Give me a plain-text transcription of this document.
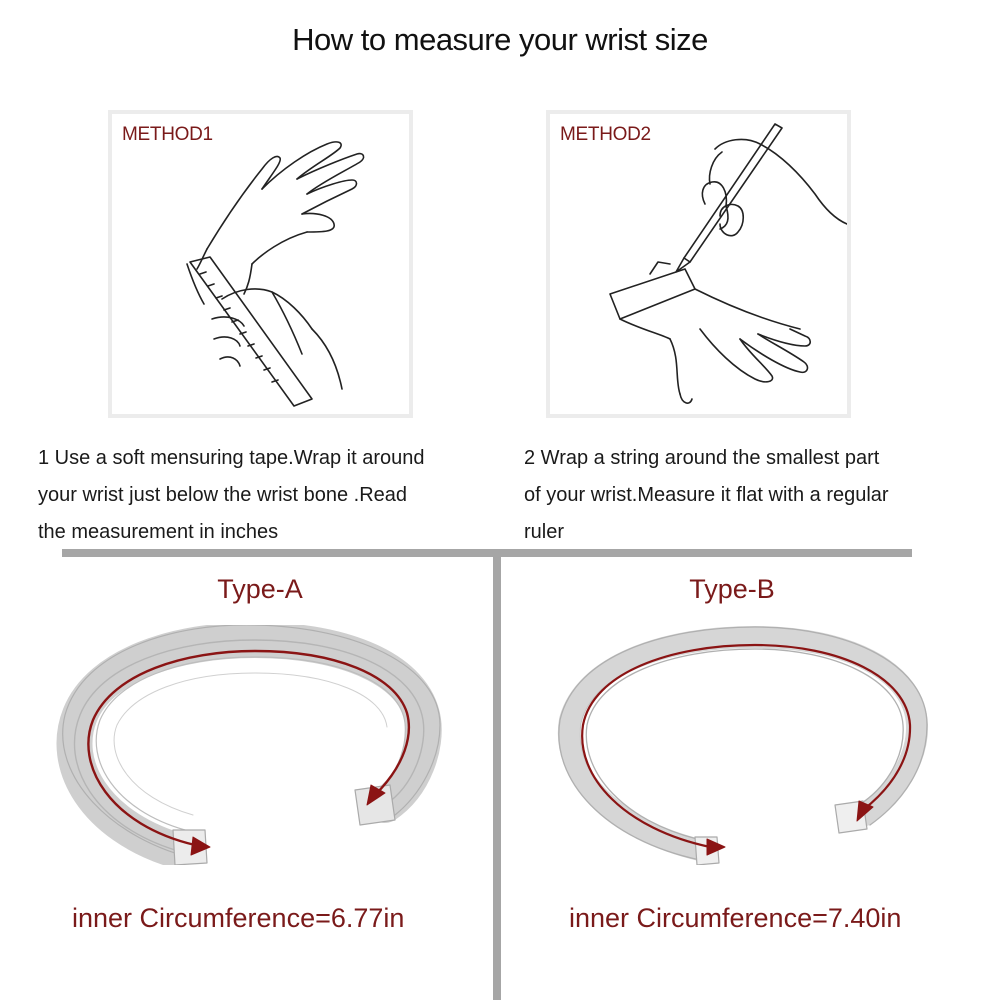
How to measure your wrist size
METHOD1	METHOD2
1 Use a soft mensuring tape.Wrap it around
your wrist just below the wrist bone .Read
the measurement in inches
2 Wrap a string around the smallest part
of your wrist.Measure it flat with a regular
ruler
Type-A	Type-B
inner Circumference=6.77in	inner Circumference=7.40in
